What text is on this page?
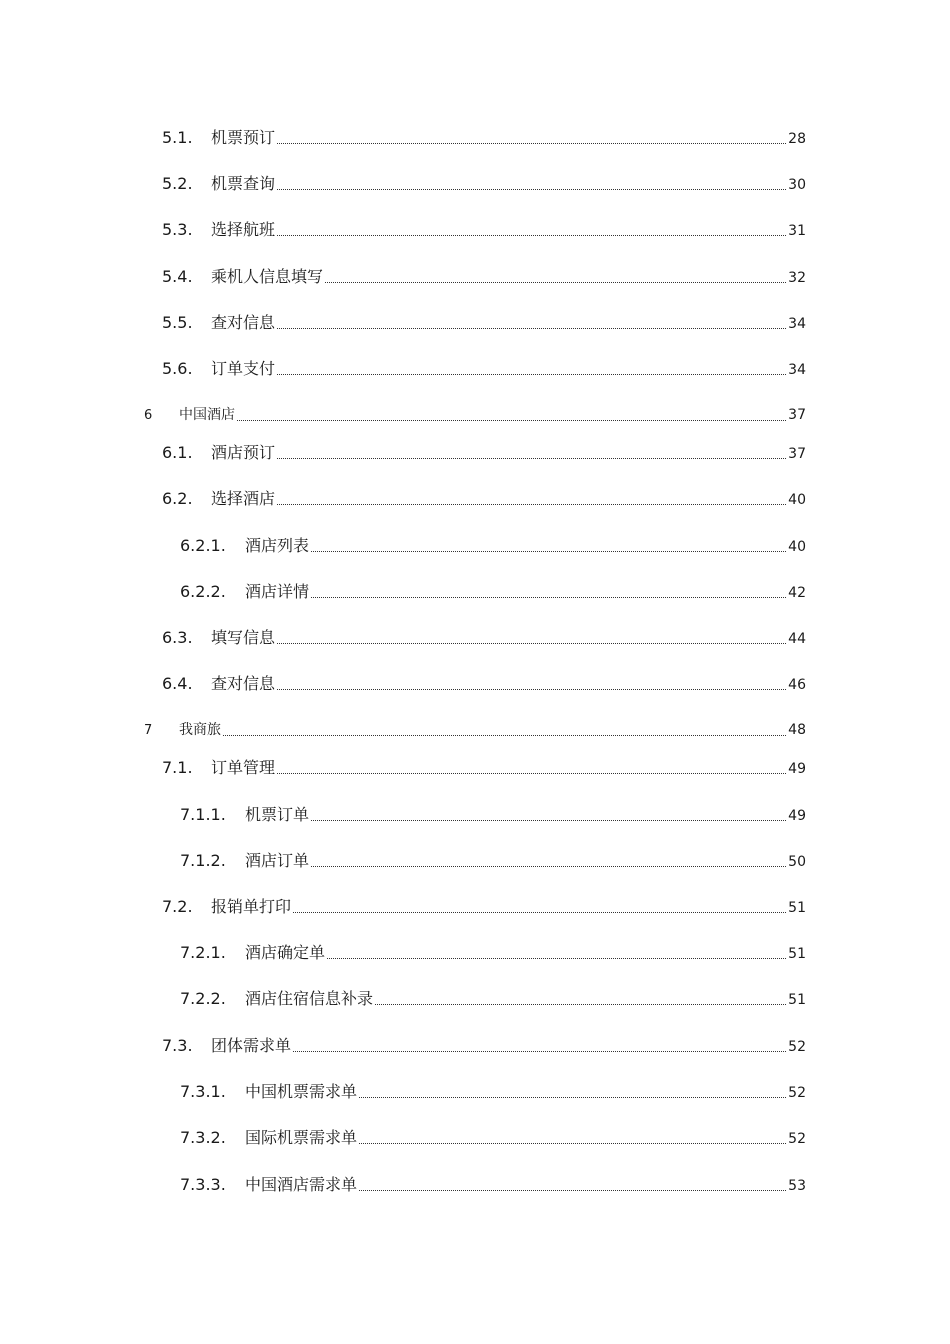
5.1.	机票预订	28
5.2.	机票查询	30
5.3.	选择航班	31
5.4.	乘机人信息填写	32
5.5.	查对信息	34
5.6.	订单支付	34
6	中国酒店	37
6.1.	酒店预订	37
6.2.	选择酒店	40
6.2.1.	酒店列表	40
6.2.2.	酒店详情	42
6.3.	填写信息	44
6.4.	查对信息	46
7	我商旅	48
7.1.	订单管理	49
7.1.1.	机票订单	49
7.1.2.	酒店订单	50
7.2.	报销单打印	51
7.2.1.	酒店确定单	51
7.2.2.	酒店住宿信息补录	51
7.3.	团体需求单	52
7.3.1.	中国机票需求单	52
7.3.2.	国际机票需求单	52
7.3.3.	中国酒店需求单	53
